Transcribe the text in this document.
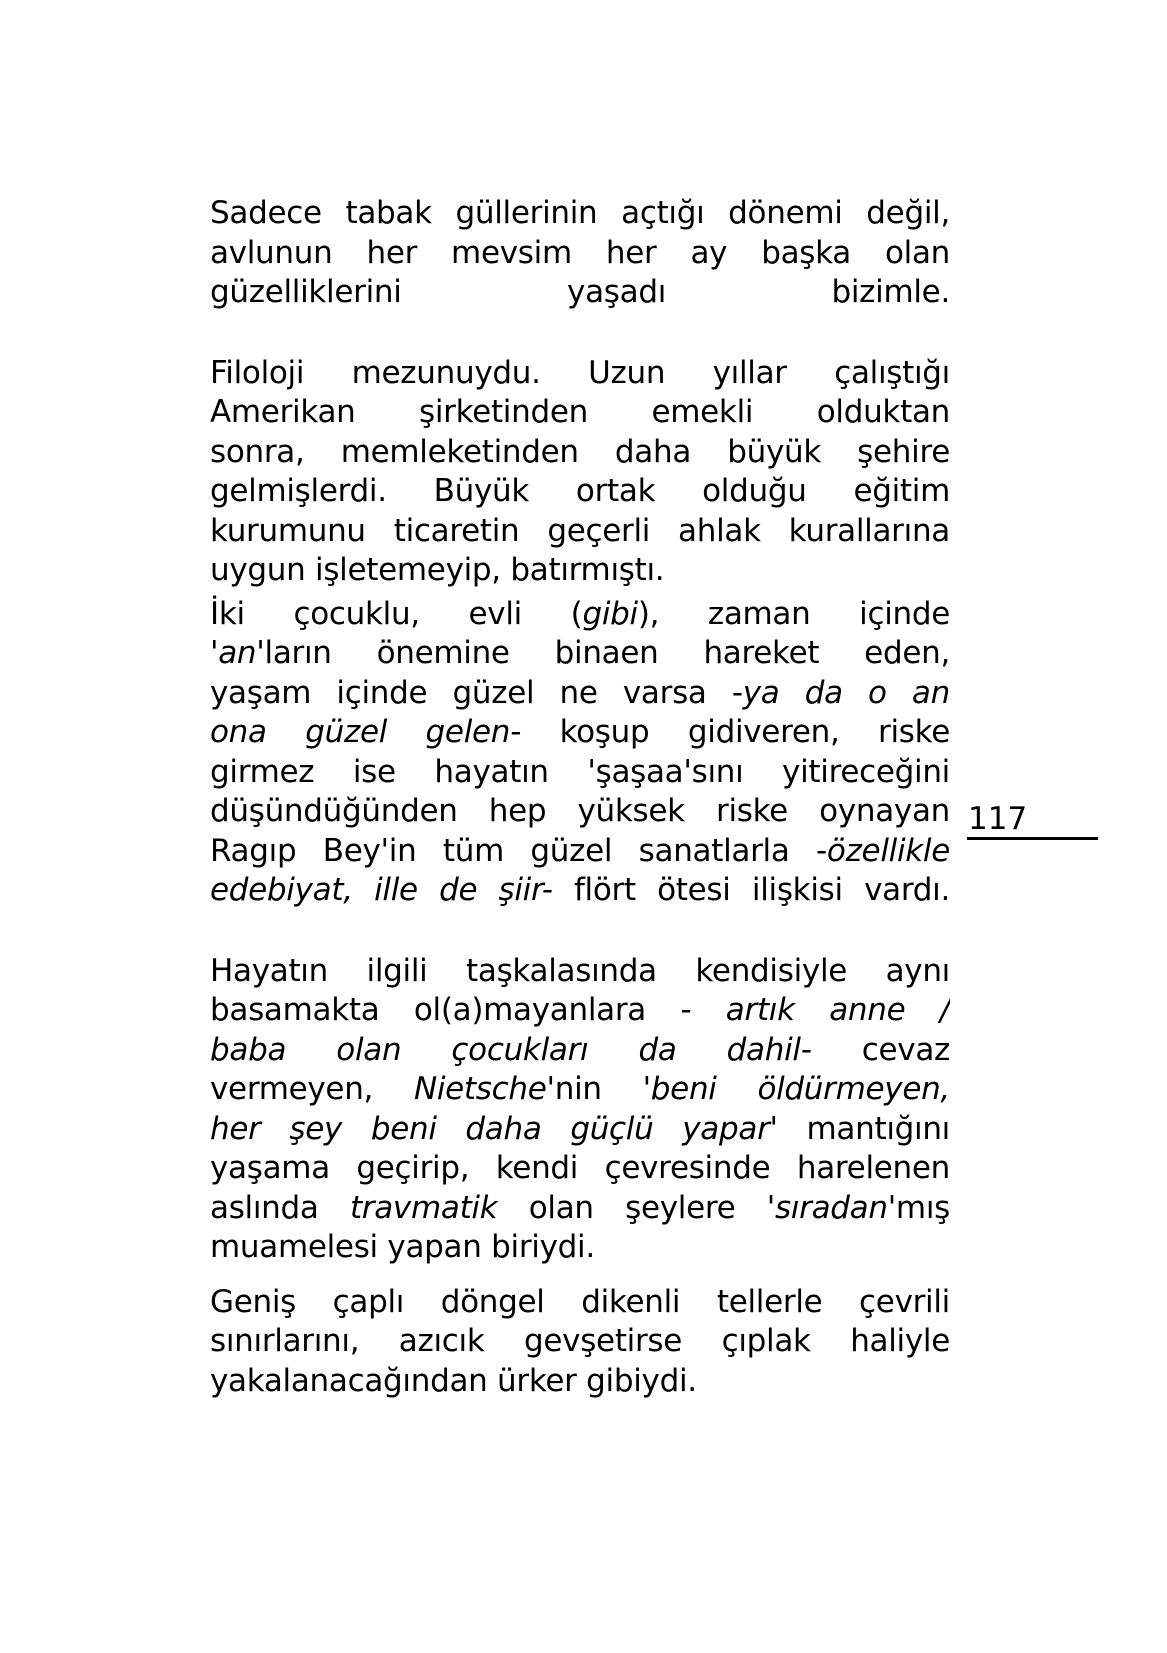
Sadece tabak güllerinin açtığı dönemi değil,
avlunun her mevsim her ay başka olan
güzelliklerini yaşadı bizimle.
Filoloji mezunuydu. Uzun yıllar çalıştığı
Amerikan şirketinden emekli olduktan
sonra, memleketinden daha büyük şehire
gelmişlerdi. Büyük ortak olduğu eğitim
kurumunu ticaretin geçerli ahlak kurallarına
uygun işletemeyip, batırmıştı.
İki çocuklu, evli (gibi), zaman içinde
'an'ların önemine binaen hareket eden,
yaşam içinde güzel ne varsa -ya da o an
ona güzel gelen- koşup gidiveren, riske
girmez ise hayatın 'şaşaa'sını yitireceğini
düşündüğünden hep yüksek riske oynayan
Ragıp Bey'in tüm güzel sanatlarla -özellikle
edebiyat, ille de şiir- flört ötesi ilişkisi vardı.
Hayatın ilgili taşkalasında kendisiyle aynı
basamakta ol(a)mayanlara - artık anne /
baba olan çocukları da dahil- cevaz
vermeyen, Nietsche'nin 'beni öldürmeyen,
her şey beni daha güçlü yapar' mantığını
yaşama geçirip, kendi çevresinde harelenen
aslında travmatik olan şeylere 'sıradan'mış
muamelesi yapan biriydi.
Geniş çaplı döngel dikenli tellerle çevrili
sınırlarını, azıcık gevşetirse çıplak haliyle
yakalanacağından ürker gibiydi.
117
